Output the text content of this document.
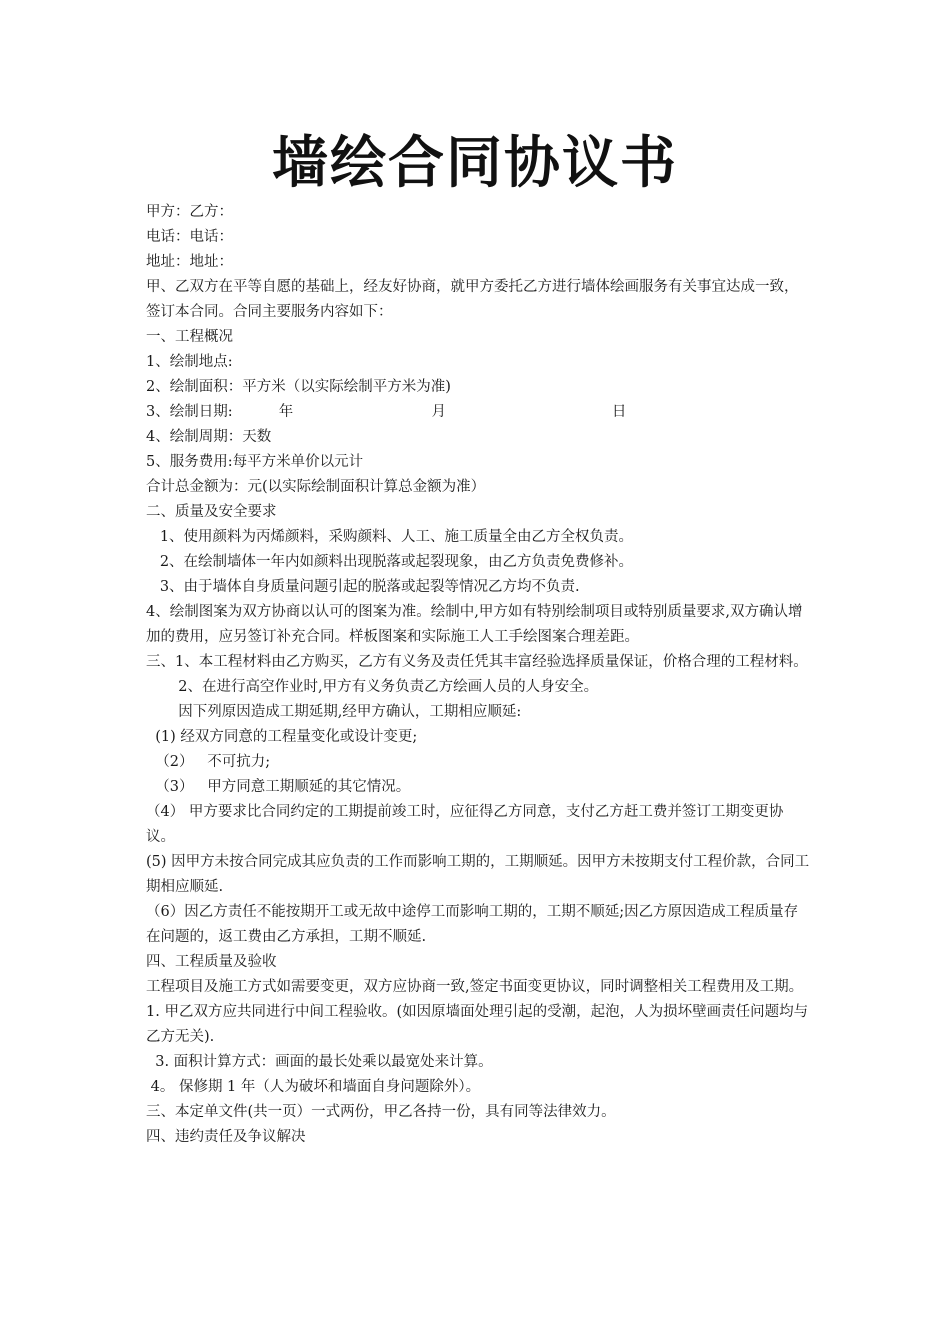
墙绘合同协议书
甲方：乙方：
电话：电话：
地址：地址：
甲、乙双方在平等自愿的基础上，经友好协商，就甲方委托乙方进行墙体绘画服务有关事宜达成一致，签订本合同。合同主要服务内容如下：
一、工程概况
1、绘制地点:
2、绘制面积：平方米（以实际绘制平方米为准)
3、绘制日期:          年                              月                                    日
4、绘制周期：天数
5、服务费用:每平方米单价以元计
合计总金额为：元(以实际绘制面积计算总金额为准）
二、质量及安全要求
1、使用颜料为丙烯颜料，采购颜料、人工、施工质量全由乙方全权负责。
2、在绘制墙体一年内如颜料出现脱落或起裂现象，由乙方负责免费修补。
3、由于墙体自身质量问题引起的脱落或起裂等情况乙方均不负责.
4、绘制图案为双方协商以认可的图案为准。绘制中,甲方如有特别绘制项目或特别质量要求,双方确认增加的费用，应另签订补充合同。样板图案和实际施工人工手绘图案合理差距。
三、1、本工程材料由乙方购买，乙方有义务及责任凭其丰富经验选择质量保证，价格合理的工程材料。
2、在进行高空作业时,甲方有义务负责乙方绘画人员的人身安全。
因下列原因造成工期延期,经甲方确认，工期相应顺延:
(1) 经双方同意的工程量变化或设计变更;
（2）   不可抗力;
（3）   甲方同意工期顺延的其它情况。
（4） 甲方要求比合同约定的工期提前竣工时，应征得乙方同意，支付乙方赶工费并签订工期变更协议。
(5) 因甲方未按合同完成其应负责的工作而影响工期的，工期顺延。因甲方未按期支付工程价款，合同工期相应顺延.
（6）因乙方责任不能按期开工或无故中途停工而影响工期的，工期不顺延;因乙方原因造成工程质量存在问题的，返工费由乙方承担，工期不顺延.
四、工程质量及验收
工程项目及施工方式如需要变更，双方应协商一致,签定书面变更协议，同时调整相关工程费用及工期。
1. 甲乙双方应共同进行中间工程验收。(如因原墙面处理引起的受潮，起泡，人为损坏壁画责任问题均与乙方无关).
3. 面积计算方式：画面的最长处乘以最宽处来计算。
4。 保修期 1 年（人为破坏和墙面自身问题除外）。
三、本定单文件(共一页）一式两份，甲乙各持一份，具有同等法律效力。
四、违约责任及争议解决
